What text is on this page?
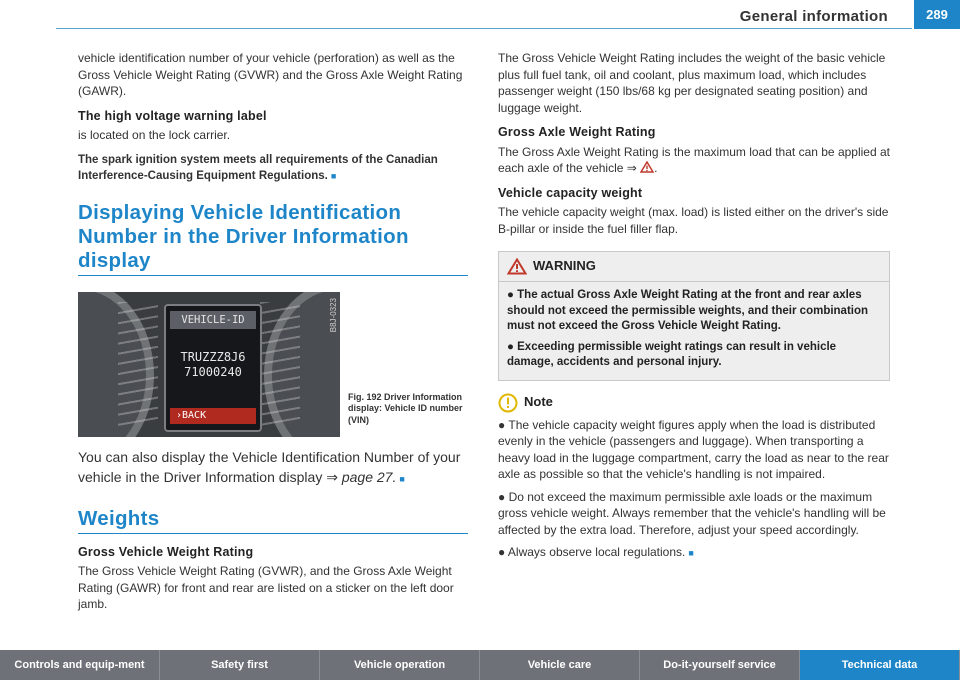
General information	289

vehicle identification number of your vehicle (perforation) as well as the Gross Vehicle Weight Rating (GVWR) and the Gross Axle Weight Rating (GAWR).

The high voltage warning label

is located on the lock carrier.

The spark ignition system meets all requirements of the Canadian Interference-Causing Equipment Regulations. ■

Displaying Vehicle Identification Number in the Driver Information display
VEHICLE-ID
TRUZZZ8J6
71000240
›BACK
B8J-0323
Fig. 192 Driver Information display: Vehicle ID number (VIN)

You can also display the Vehicle Identification Number of your vehicle in the Driver Information display ⇒ page 27. ■

Weights
Gross Vehicle Weight Rating

The Gross Vehicle Weight Rating (GVWR), and the Gross Axle Weight Rating (GAWR) for front and rear are listed on a sticker on the left door jamb.

The Gross Vehicle Weight Rating includes the weight of the basic vehicle plus full fuel tank, oil and coolant, plus maximum load, which includes passenger weight (150 lbs/68 kg per designated seating position) and luggage weight.

Gross Axle Weight Rating

The Gross Axle Weight Rating is the maximum load that can be applied at each axle of the vehicle ⇒ .

Vehicle capacity weight

The vehicle capacity weight (max. load) is listed either on the driver's side B-pillar or inside the fuel filler flap.

WARNING

● The actual Gross Axle Weight Rating at the front and rear axles should not exceed the permissible weights, and their combination must not exceed the Gross Vehicle Weight Rating.

● Exceeding permissible weight ratings can result in vehicle damage, accidents and personal injury.

Note

● The vehicle capacity weight figures apply when the load is distributed evenly in the vehicle (passengers and luggage). When transporting a heavy load in the luggage compartment, carry the load as near to the rear axle as possible so that the vehicle's handling is not impaired.

● Do not exceed the maximum permissible axle loads or the maximum gross vehicle weight. Always remember that the vehicle's handling will be affected by the extra load. Therefore, adjust your speed accordingly.

● Always observe local regulations. ■

Controls and equip-ment	Safety first	Vehicle operation	Vehicle care	Do-it-yourself service	Technical data
